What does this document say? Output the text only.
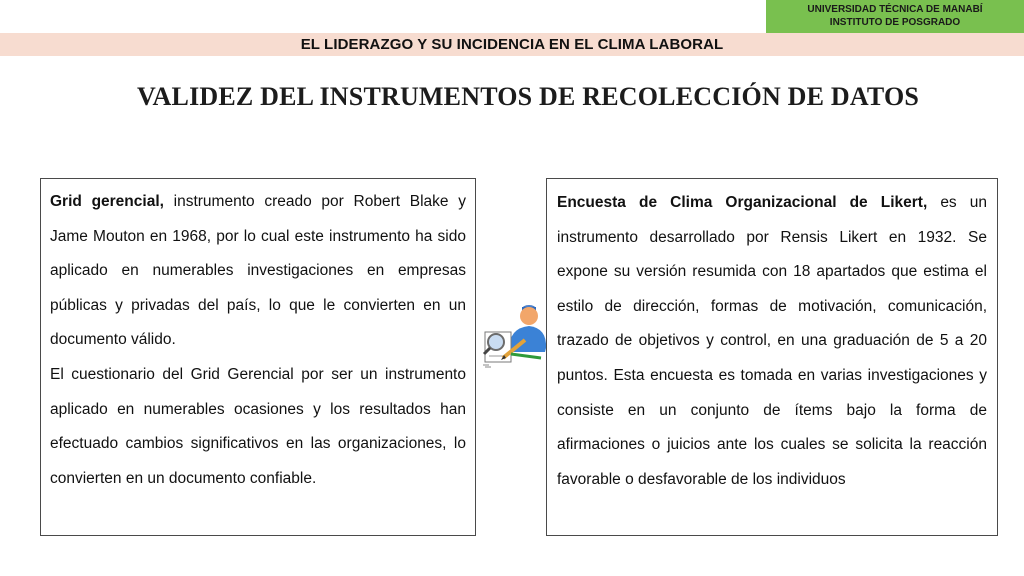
UNIVERSIDAD TÉCNICA DE MANABÍ
INSTITUTO DE POSGRADO
EL LIDERAZGO Y SU INCIDENCIA EN EL CLIMA LABORAL
VALIDEZ DEL INSTRUMENTOS DE RECOLECCIÓN DE DATOS

Grid gerencial, instrumento creado por Robert Blake y Jame Mouton en 1968, por lo cual este instrumento ha sido aplicado en numerables investigaciones en empresas públicas y privadas del país, lo que le convierten en un documento válido.

El cuestionario del Grid Gerencial por ser un instrumento aplicado en numerables ocasiones y los resultados han efectuado cambios significativos en las organizaciones, lo convierten en un documento confiable.

Encuesta de Clima Organizacional de Likert, es un instrumento desarrollado por Rensis Likert en 1932. Se expone su versión resumida con 18 apartados que estima el estilo de dirección, formas de motivación, comunicación, trazado de objetivos y control, en una graduación de 5 a 20 puntos. Esta encuesta es tomada en varias investigaciones y consiste en un conjunto de ítems bajo la forma de afirmaciones o juicios ante los cuales se solicita la reacción favorable o desfavorable de los individuos
